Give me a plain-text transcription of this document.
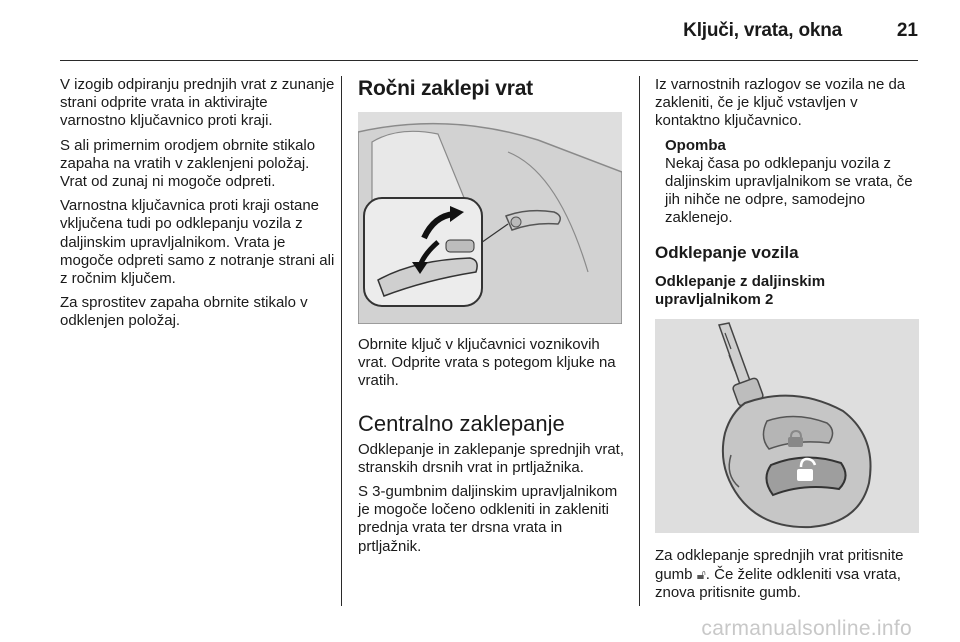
Ključi, vrata, okna	21

V izogib odpiranju prednjih vrat z zunanje strani odprite vrata in aktivirajte varnostno ključavnico proti kraji.

S ali primernim orodjem obrnite stikalo zapaha na vratih v zaklenjeni položaj. Vrat od zunaj ni mogoče odpreti.

Varnostna ključavnica proti kraji ostane vključena tudi po odklepanju vozila z daljinskim upravljalnikom. Vrata je mogoče odpreti samo z notranje strani ali z ročnim ključem.

Za sprostitev zapaha obrnite stikalo v odklenjen položaj.

Ročni zaklepi vrat

Obrnite ključ v ključavnici voznikovih vrat. Odprite vrata s potegom kljuke na vratih.

Centralno zaklepanje

Odklepanje in zaklepanje sprednjih vrat, stranskih drsnih vrat in prtljažnika.

S 3-gumbnim daljinskim upravljalnikom je mogoče ločeno odkleniti in zakleniti prednja vrata ter drsna vrata in prtljažnik.

Iz varnostnih razlogov se vozila ne da zakleniti, če je ključ vstavljen v kontaktno ključavnico.

Opomba
Nekaj časa po odklepanju vozila z daljinskim upravljalnikom se vrata, če jih nihče ne odpre, samodejno zaklenejo.
Odklepanje vozila
Odklepanje z daljinskim upravljalnikom 2

Za odklepanje sprednjih vrat pritisnite gumb 🔓︎. Če želite odkleniti vsa vrata, znova pritisnite gumb.

carmanualsonline.info
